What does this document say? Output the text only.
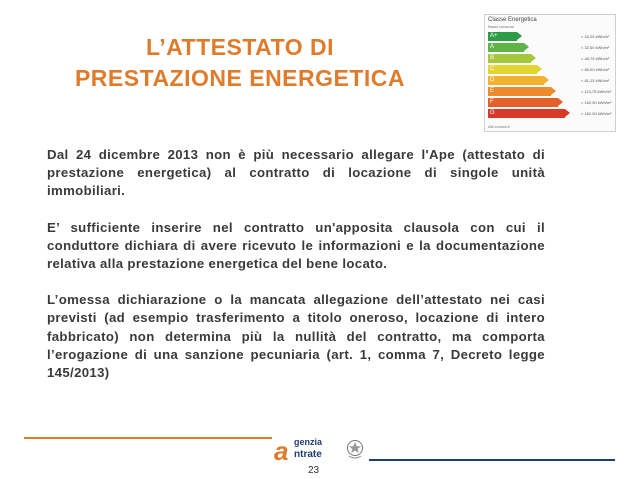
L’ATTESTATO DI
PRESTAZIONE ENERGETICA
Classe Energetica
Bassi consumi
Alti consumi
A+	< 16,25 kWh/m²
A	< 32,50 kWh/m²
B	< 48,75 kWh/m²
C	< 65,00 kWh/m²
D	< 81,25 kWh/m²
E	< 113,75 kWh/m²
F	< 162,50 kWh/m²
G	> 162,50 kWh/m²

Dal 24 dicembre 2013 non è più necessario allegare l'Ape (attestato di prestazione energetica) al contratto di locazione di singole unità immobiliari.

E’ sufficiente inserire nel contratto un'apposita clausola con cui il conduttore dichiara di avere ricevuto le informazioni e la documentazione relativa alla prestazione energetica del bene locato.

L’omessa dichiarazione o la mancata allegazione dell’attestato nei casi previsti (ad esempio trasferimento a titolo oneroso, locazione di intero fabbricato) non determina più la nullità del contratto, ma comporta l’erogazione di una sanzione pecuniaria (art. 1, comma 7, Decreto legge 145/2013)

a genzia
ntrate
23
